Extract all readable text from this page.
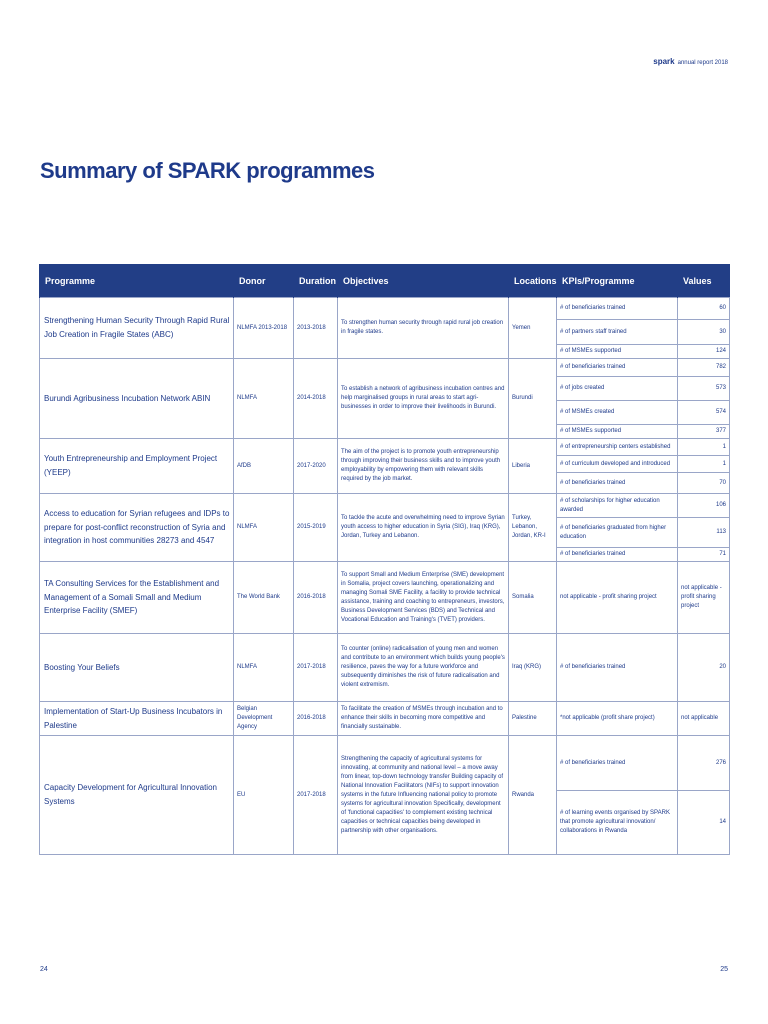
spark annual report 2018
Summary of SPARK programmes
Programme	Donor	Duration	Objectives	Locations	KPIs/Programme	Values
Strengthening Human Security Through Rapid Rural Job Creation in Fragile States (ABC)	NLMFA 2013-2018	2013-2018	To strengthen human security through rapid rural job creation in fragile states.	Yemen	# of beneficiaries trained	60
					# of partners staff trained	30
					# of MSMEs supported	124
Burundi Agribusiness Incubation Network ABIN	NLMFA	2014-2018	To establish a network of agribusiness incubation centres and help marginalised groups in rural areas to start agri-businesses in order to improve their livelihoods in Burundi.	Burundi	# of beneficiaries trained	782
					# of jobs created	573
					# of MSMEs created	574
					# of MSMEs supported	377
Youth Entrepreneurship and Employment Project (YEEP)	AfDB	2017-2020	The aim of the project is to promote youth entrepreneurship through improving their business skills and to improve youth employability by empowering them with relevant skills required by the job market.	Liberia	# of entrepreneurship centers established	1
					# of curriculum developed and introduced	1
					# of beneficiaries trained	70
Access to education for Syrian refugees and IDPs to prepare for post-conflict reconstruction of Syria and integration in host communities 28273 and 4547	NLMFA	2015-2019	To tackle the acute and overwhelming need to improve Syrian youth access to higher education in Syria (SIG), Iraq (KRG), Jordan, Turkey and Lebanon.	Turkey, Lebanon, Jordan, KR-I	# of scholarships for higher education awarded	106
					# of beneficiaries graduated from higher education	113
					# of beneficiaries trained	71
TA Consulting Services for the Establishment and Management of a Somali Small and Medium Enterprise Facility (SMEF)	The World Bank	2016-2018	To support Small and Medium Enterprise (SME) development in Somalia, project covers launching, operationalizing and managing Somali SME Facility, a facility to provide technical assistance, training and coaching to entrepreneurs, investors, Business Development Services (BDS) and Technical and Vocational Education and Training's (TVET) providers.	Somalia	not applicable - profit sharing project	not applicable - profit sharing project
Boosting Your Beliefs	NLMFA	2017-2018	To counter (online) radicalisation of young men and women and contribute to an environment which builds young people's resilience, paves the way for a future workforce and subsequently diminishes the risk of future radicalisation and violent extremism.	Iraq (KRG)	# of beneficiaries trained	20
Implementation of Start-Up Business Incubators in Palestine	Belgian Development Agency	2016-2018	To facilitate the creation of MSMEs through incubation and to enhance their skills in becoming more competitive and financially sustainable.	Palestine	*not applicable (profit share project)	not applicable
Capacity Development for Agricultural Innovation Systems	EU	2017-2018	Strengthening the capacity of agricultural systems for innovating, at community and national level – a move away from linear, top-down technology transfer Building capacity of National Innovation Facilitators (NIFs) to support innovation systems in the future Influencing national policy to promote systems for agricultural innovation Specifically, development of 'functional capacities' to complement existing technical capacities or technical capacities being developed in partnership with other organisations.	Rwanda	# of beneficiaries trained	276
					# of learning events organised by SPARK that promote agricultural innovation/ collaborations in Rwanda	14
24	25
